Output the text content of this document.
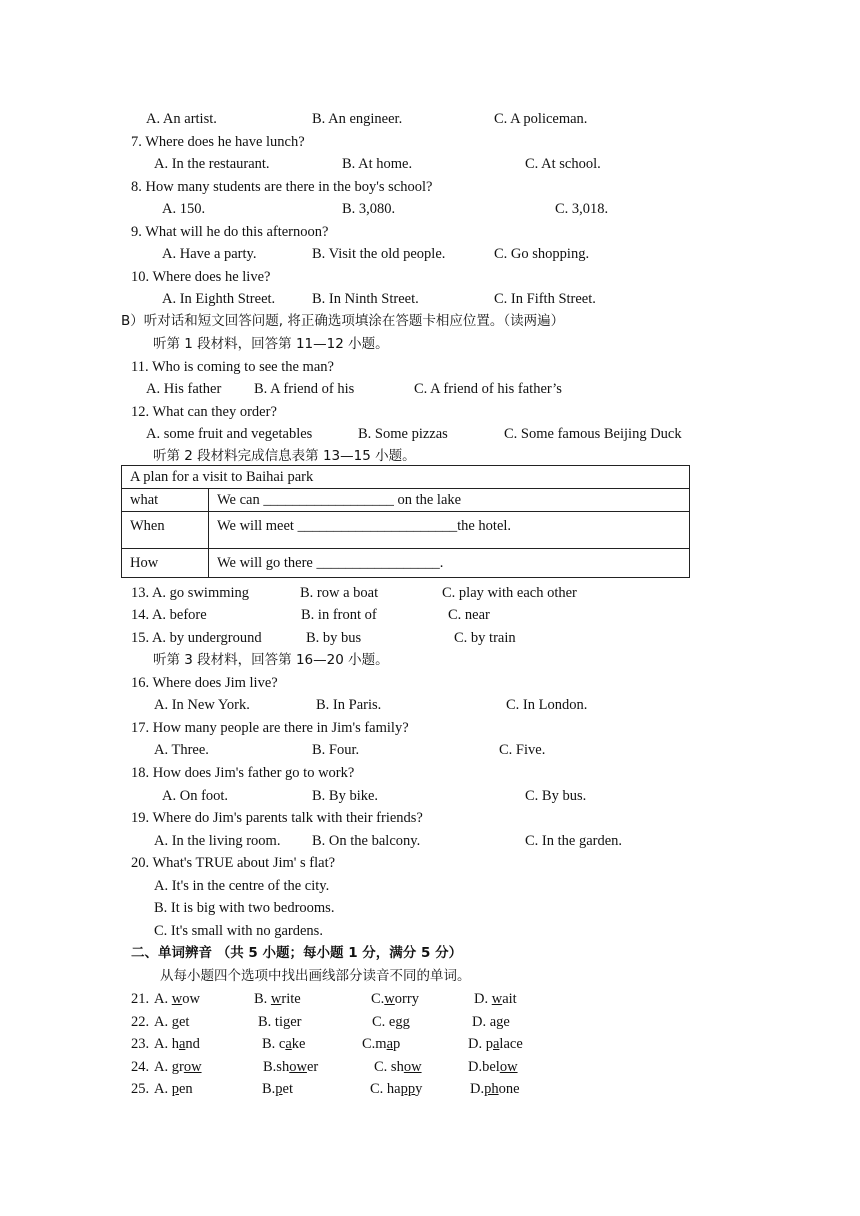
A. An artist.	B. An engineer.	C. A policeman.
7. Where does he have lunch?
A. In the restaurant.	B. At home.	C. At school.
8. How many students are there in the boy's school?
A. 150.	B. 3,080.	C. 3,018.
9. What will he do this afternoon?
A. Have a party.	B. Visit the old people.	C. Go shopping.
10. Where does he live?
A. In Eighth Street.	B. In Ninth Street.	C. In Fifth Street.
B）听对话和短文回答问题, 将正确选项填涂在答题卡相应位置。（读两遍）
听第 1 段材料，回答第 11—12 小题。
11. Who is coming to see the man?
A. His father B. A friend of his	C. A friend of his father’s
12. What can they order?
A. some fruit and vegetables	B. Some pizzas	C. Some famous Beijing Duck
听第 2 段材料完成信息表第 13—15 小题。
A plan for a visit to Baihai park	
what	We can __________________ on the lake
When	We will meet ______________________the hotel.
How	We will go there _________________.
13. A. go swimming	B. row a boat	C. play with each other
14. A. before	B. in front of	C. near
15. A. by underground	B. by bus	C. by train
听第 3 段材料，回答第 16—20 小题。
16. Where does Jim live?
A. In New York.	B. In Paris.	C. In London.
17. How many people are there in Jim's family?
A. Three.	B. Four.	C. Five.
18. How does Jim's father go to work?
A. On foot.	B. By bike.	C. By bus.
19. Where do Jim's parents talk with their friends?
A. In the living room. B. On the balcony.	C. In the garden.
20. What's TRUE about Jim' s flat?
A. It's in the centre of the city.
B. It is big with two bedrooms.
C. It's small with no gardens.
二、单词辨音 （共 5 小题；每小题 1 分，满分 5 分）
从每小题四个选项中找出画线部分读音不同的单词。
21. A. wow	B. write	C.worry	D. wait
22. A. get	B. tiger	C. egg	D. age
23. A. hand	B. cake	C.map	D. palace
24. A. grow	B.shower	C. show	D.below
25. A. pen	B.pet	C. happy	D.phone
